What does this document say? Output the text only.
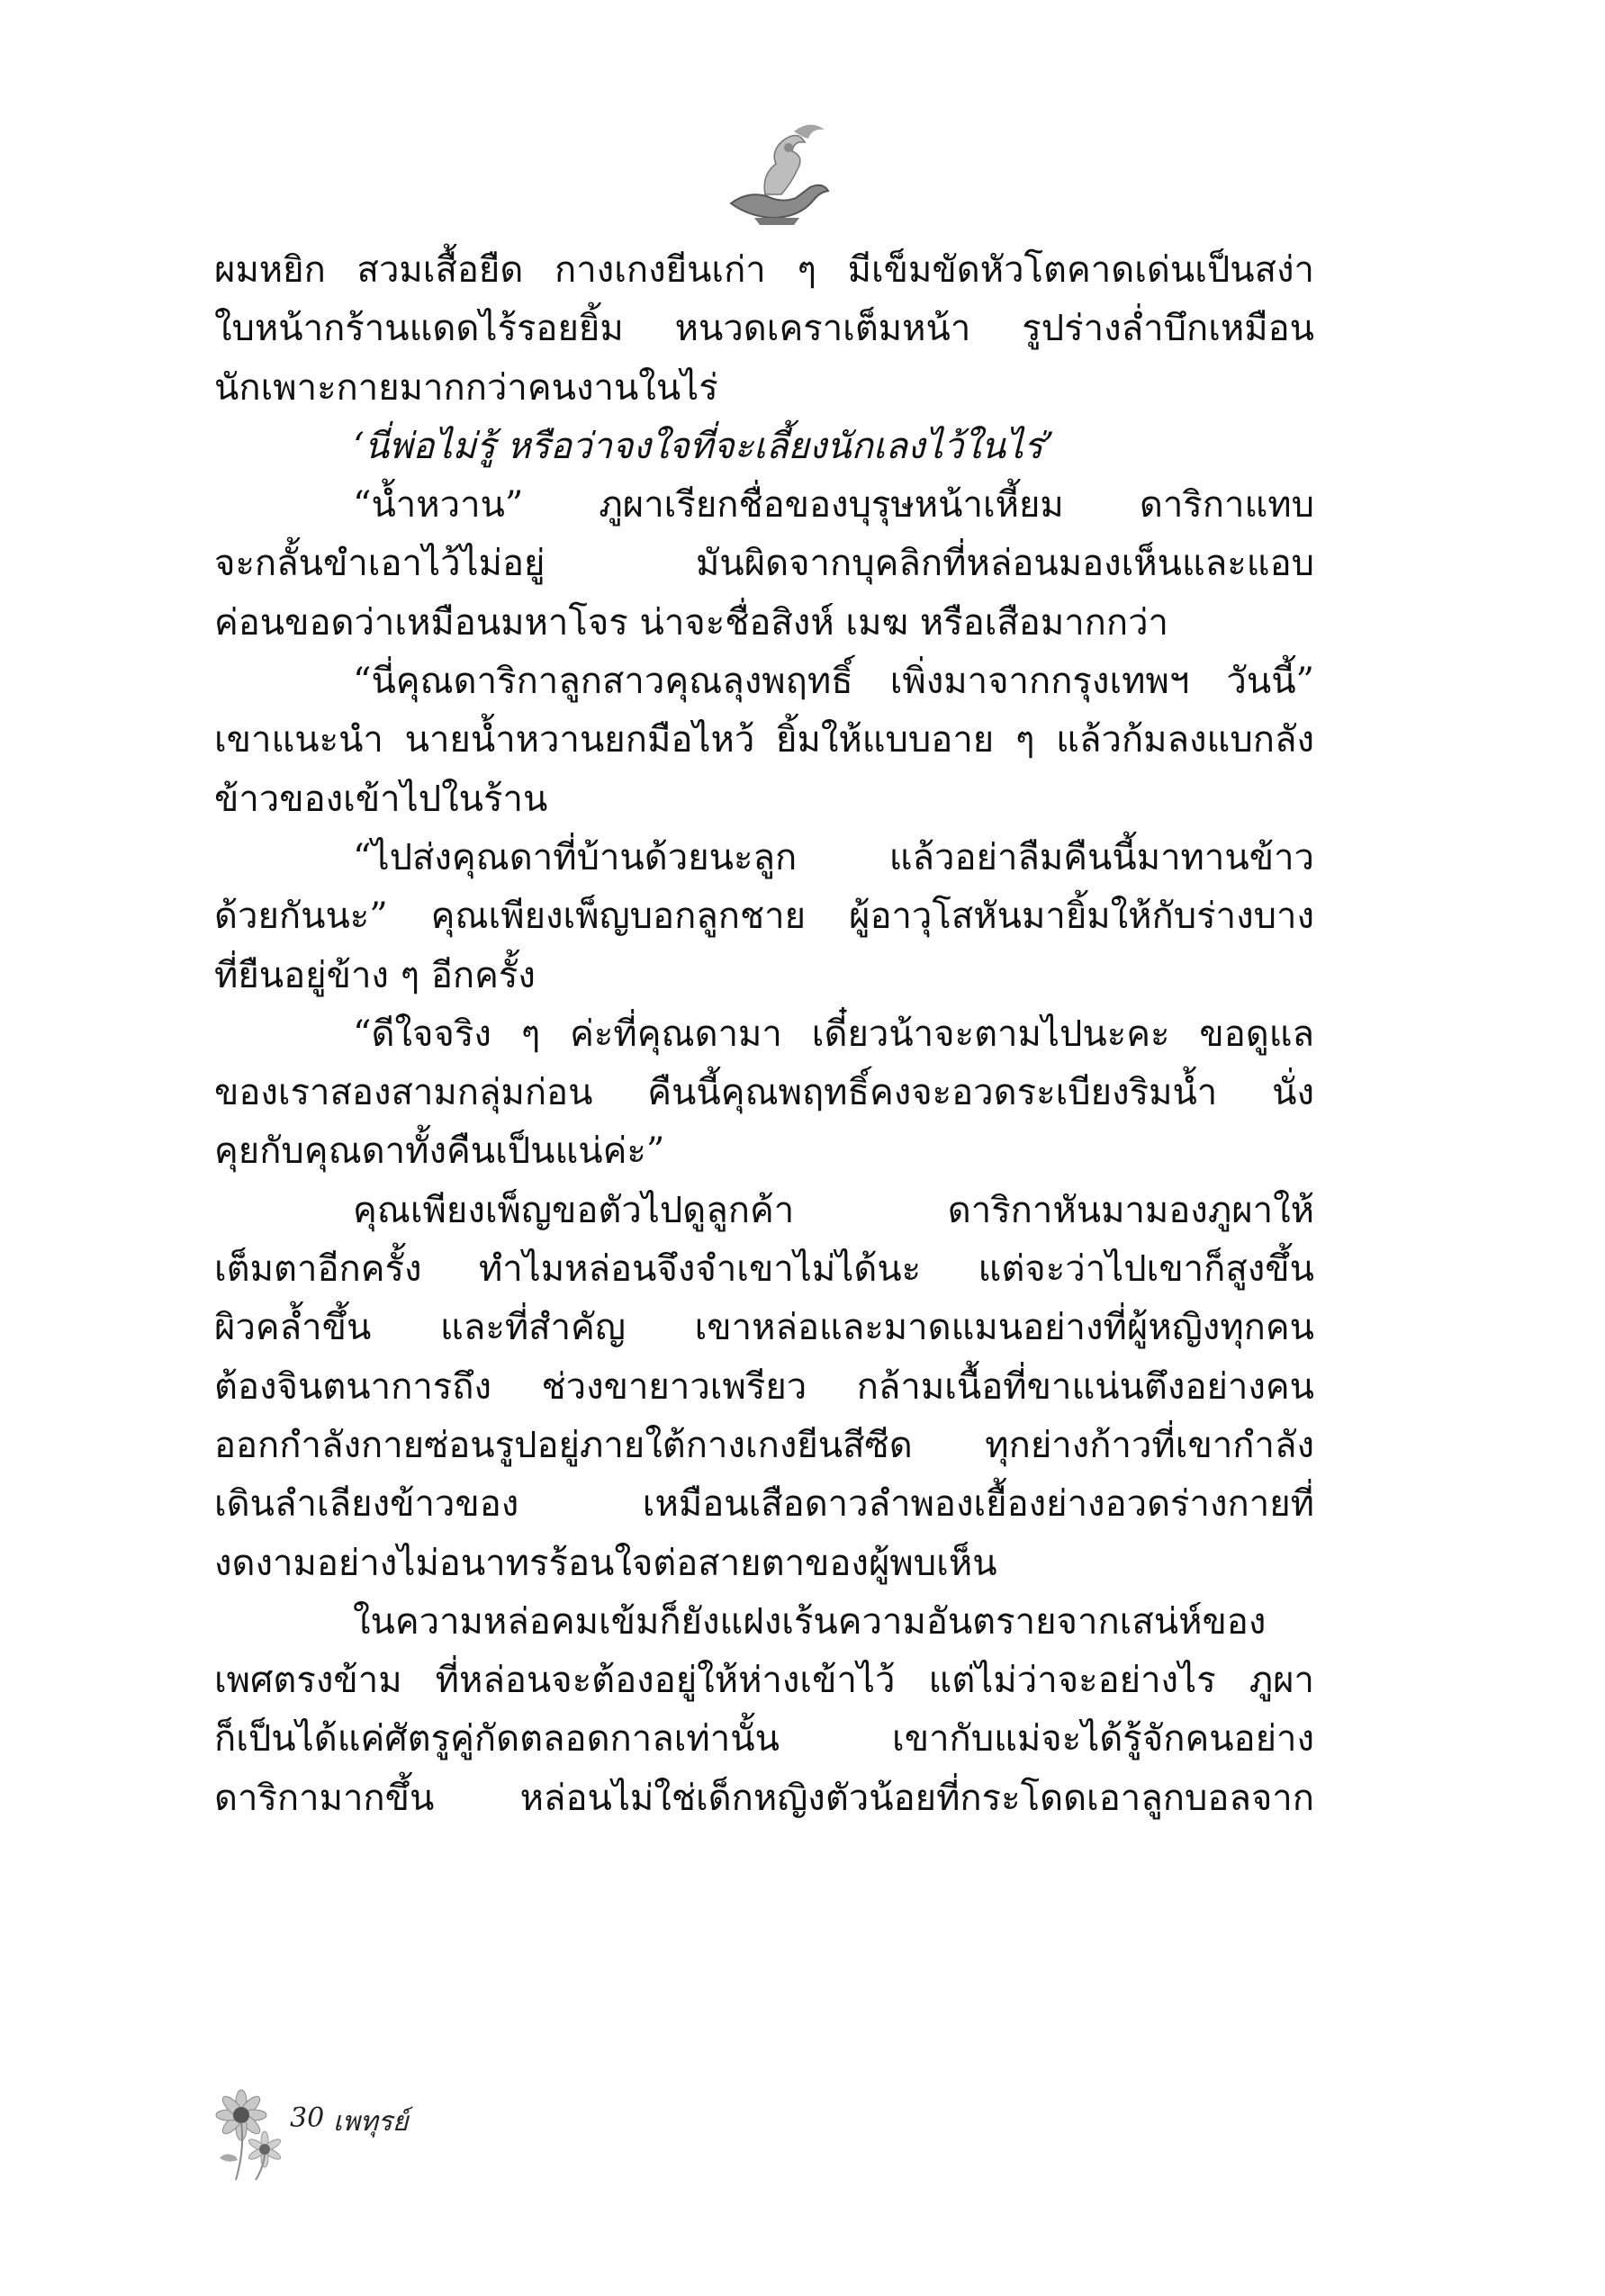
ผมหยิก สวมเสื้อยืด กางเกงยีนเก่า ๆ มีเข็มขัดหัวโตคาดเด่นเป็นสง่า
ใบหน้ากร้านแดดไร้รอยยิ้ม หนวดเคราเต็มหน้า รูปร่างล่ำบึกเหมือน
นักเพาะกายมากกว่าคนงานในไร่
‘นี่พ่อไม่รู้ หรือว่าจงใจที่จะเลี้ยงนักเลงไว้ในไร่’
“น้ำหวาน” ภูผาเรียกชื่อของบุรุษหน้าเหี้ยม ดาริกาแทบ
จะกลั้นขำเอาไว้ไม่อยู่ มันผิดจากบุคลิกที่หล่อนมองเห็นและแอบ
ค่อนขอดว่าเหมือนมหาโจร น่าจะชื่อสิงห์ เมฆ หรือเสือมากกว่า
“นี่คุณดาริกาลูกสาวคุณลุงพฤทธิ์ เพิ่งมาจากกรุงเทพฯ วันนี้”
เขาแนะนำ นายน้ำหวานยกมือไหว้ ยิ้มให้แบบอาย ๆ แล้วก้มลงแบกลัง
ข้าวของเข้าไปในร้าน
“ไปส่งคุณดาที่บ้านด้วยนะลูก แล้วอย่าลืมคืนนี้มาทานข้าว
ด้วยกันนะ” คุณเพียงเพ็ญบอกลูกชาย ผู้อาวุโสหันมายิ้มให้กับร่างบาง
ที่ยืนอยู่ข้าง ๆ อีกครั้ง
“ดีใจจริง ๆ ค่ะที่คุณดามา เดี๋ยวน้าจะตามไปนะคะ ขอดูแล
ของเราสองสามกลุ่มก่อน คืนนี้คุณพฤทธิ์คงจะอวดระเบียงริมน้ำ นั่ง
คุยกับคุณดาทั้งคืนเป็นแน่ค่ะ”
คุณเพียงเพ็ญขอตัวไปดูลูกค้า ดาริกาหันมามองภูผาให้
เต็มตาอีกครั้ง ทำไมหล่อนจึงจำเขาไม่ได้นะ แต่จะว่าไปเขาก็สูงขึ้น
ผิวคล้ำขึ้น และที่สำคัญ เขาหล่อและมาดแมนอย่างที่ผู้หญิงทุกคน
ต้องจินตนาการถึง ช่วงขายาวเพรียว กล้ามเนื้อที่ขาแน่นตึงอย่างคน
ออกกำลังกายซ่อนรูปอยู่ภายใต้กางเกงยีนสีซีด ทุกย่างก้าวที่เขากำลัง
เดินลำเลียงข้าวของ เหมือนเสือดาวลำพองเยื้องย่างอวดร่างกายที่
งดงามอย่างไม่อนาทรร้อนใจต่อสายตาของผู้พบเห็น
ในความหล่อคมเข้มก็ยังแฝงเร้นความอันตรายจากเสน่ห์ของ
เพศตรงข้าม ที่หล่อนจะต้องอยู่ให้ห่างเข้าไว้ แต่ไม่ว่าจะอย่างไร ภูผา
ก็เป็นได้แค่ศัตรูคู่กัดตลอดกาลเท่านั้น เขากับแม่จะได้รู้จักคนอย่าง
ดาริกามากขึ้น หล่อนไม่ใช่เด็กหญิงตัวน้อยที่กระโดดเอาลูกบอลจาก
30 เพทุรย์
